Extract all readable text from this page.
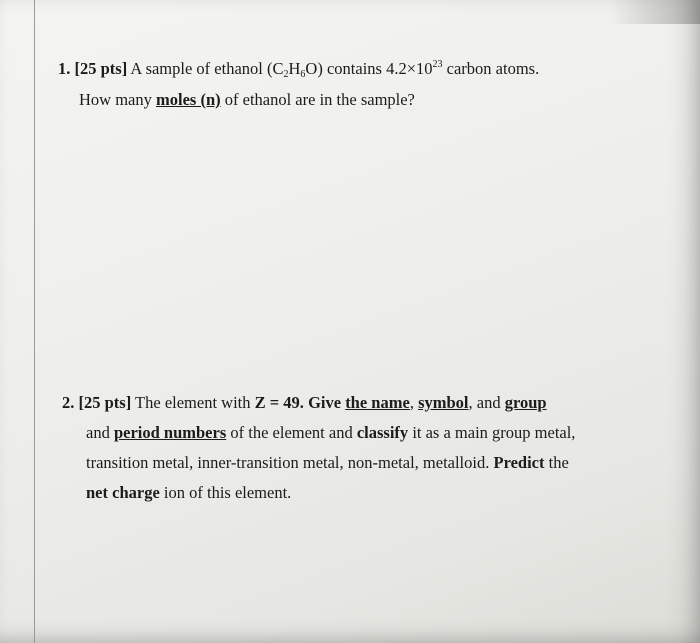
1. [25 pts] A sample of ethanol $(C_2H_6O)$ contains $4.2\times 10^{23}$ carbon atoms.
How many moles (n) of ethanol are in the sample?
2. [25 pts] The element with Z = 49. Give the name, symbol, and group
and period numbers of the element and classify it as a main group metal,
transition metal, inner-transition metal, non-metal, metalloid. Predict the
net charge ion of this element.
